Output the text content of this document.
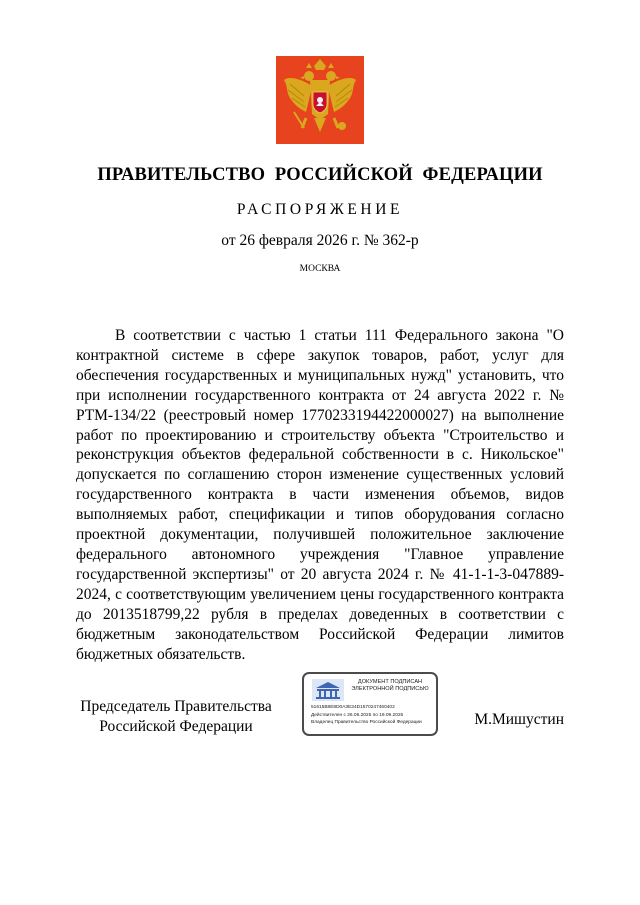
ПРАВИТЕЛЬСТВО РОССИЙСКОЙ ФЕДЕРАЦИИ
РАСПОРЯЖЕНИЕ
от 26 февраля 2026 г. № 362-р
МОСКВА

В соответствии с частью 1 статьи 111 Федерального закона "О контрактной системе в сфере закупок товаров, работ, услуг для обеспечения государственных и муниципальных нужд" установить, что при исполнении государственного контракта от 24 августа 2022 г. № РТМ-134/22 (реестровый номер 1770233194422000027) на выполнение работ по проектированию и строительству объекта "Строительство и реконструкция объектов федеральной собственности в с. Никольское" допускается по соглашению сторон изменение существенных условий государственного контракта в части изменения объемов, видов выполняемых работ, спецификации и типов оборудования согласно проектной документации, получившей положительное заключение федерального автономного учреждения "Главное управление государственной экспертизы" от 20 августа 2024 г. № 41-1-1-3-047889-2024, с соответствующим увеличением цены государственного контракта до 2013518799,22 рубля в пределах доведенных в соответствии с бюджетным законодательством Российской Федерации лимитов бюджетных обязательств.

Председатель Правительства
Российской Федерации
ДОКУМЕНТ ПОДПИСАН
ЭЛЕКТРОННОЙ ПОДПИСЬЮ
51615B8E8D0A3E34D1570247460402
Действителен с 26.06.2025 по 19.09.2026
Владелец Правительство Российской Федерации	М.Мишустин
